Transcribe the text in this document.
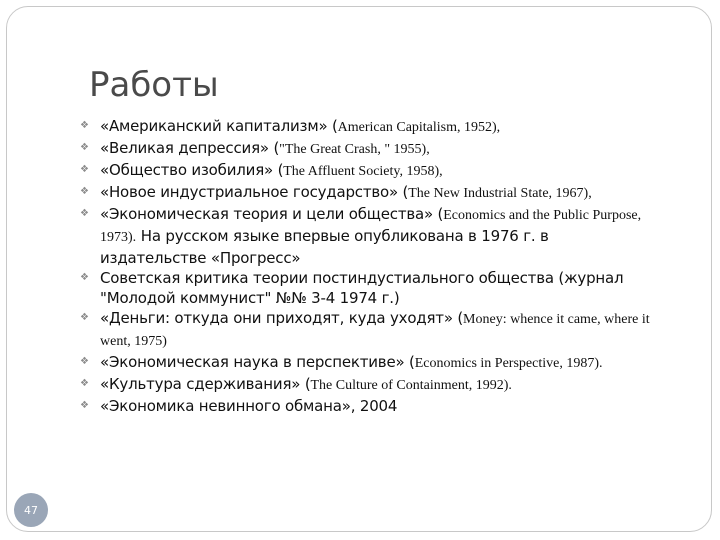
Работы
❖ «Американский капитализм» (American Capitalism, 1952),
❖ «Великая депрессия» ("The Great Crash, " 1955),
❖ «Общество изобилия» (The Affluent Society, 1958),
❖ «Новое индустриальное государство» (The New Industrial State, 1967),
❖ «Экономическая теория и цели общества» (Economics and the Public Purpose, 1973). На русском языке впервые опубликована в 1976 г. в издательстве «Прогресс»
❖ Советская критика теории постиндустиального общества (журнал "Молодой коммунист" №№ 3-4 1974 г.)
❖ «Деньги: откуда они приходят, куда уходят» (Money: whence it came, where it went, 1975)
❖ «Экономическая наука в перспективе» (Economics in Perspective, 1987).
❖ «Культура сдерживания» (The Culture of Containment, 1992).
❖ «Экономика невинного обмана», 2004
47
